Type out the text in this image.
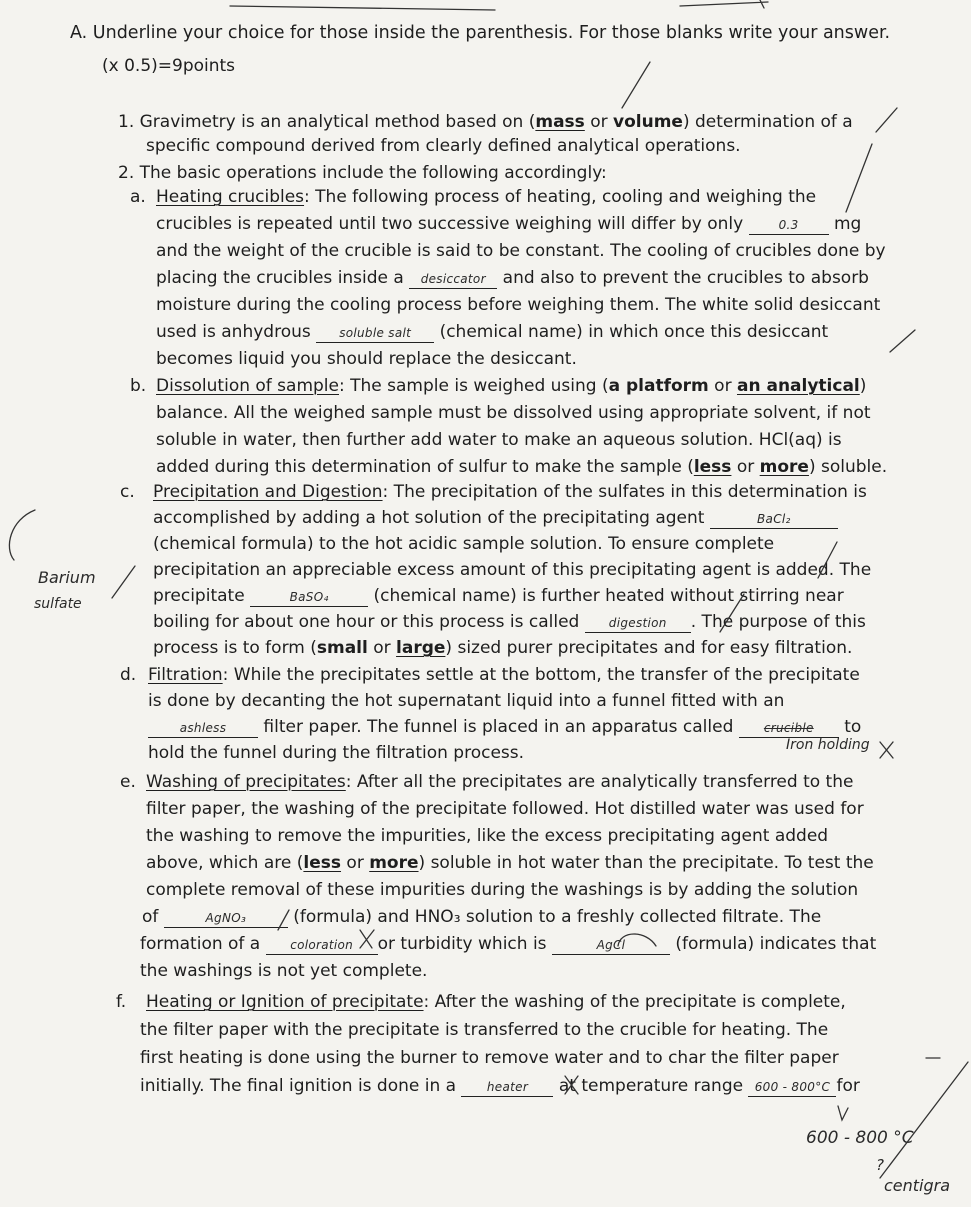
A. Underline your choice for those inside the parenthesis. For those blanks write your answer.
(x 0.5)=9points
1. Gravimetry is an analytical method based on (mass or volume) determination of a
specific compound derived from clearly defined analytical operations.
2. The basic operations include the following accordingly:
a. Heating crucibles: The following process of heating, cooling and weighing the
crucibles is repeated until two successive weighing will differ by only	0.3 mg
and the weight of the crucible is said to be constant. The cooling of crucibles done by
placing the crucibles inside a desiccator and also to prevent the crucibles to absorb
moisture during the cooling process before weighing them. The white solid desiccant
used is anhydrous soluble salt (chemical name) in which once this desiccant
becomes liquid you should replace the desiccant.
b. Dissolution of sample: The sample is weighed using (a platform or an analytical)
balance. All the weighed sample must be dissolved using appropriate solvent, if not
soluble in water, then further add water to make an aqueous solution. HCl(aq) is
added during this determination of sulfur to make the sample (less or more) soluble.
c. Precipitation and Digestion: The precipitation of the sulfates in this determination is
accomplished by adding a hot solution of the precipitating agent	BaCl₂
(chemical formula) to the hot acidic sample solution. To ensure complete
precipitation an appreciable excess amount of this precipitating agent is added. The
precipitate	BaSO₄	(chemical name) is further heated without stirring near
boiling for about one hour or this process is called digestion . The purpose of this
process is to form (small or large) sized purer precipitates and for easy filtration.
d. Filtration: While the precipitates settle at the bottom, the transfer of the precipitate
is done by decanting the hot supernatant liquid into a funnel fitted with an
ashless filter paper. The funnel is placed in an apparatus called	crucible to
hold the funnel during the filtration process.
e. Washing of precipitates: After all the precipitates are analytically transferred to the
filter paper, the washing of the precipitate followed. Hot distilled water was used for
the washing to remove the impurities, like the excess precipitating agent added
above, which are (less or more) soluble in hot water than the precipitate. To test the
complete removal of these impurities during the washings is by adding the solution
of	AgNO₃	(formula) and HNO₃ solution to a freshly collected filtrate. The
formation of a coloration or turbidity which is	AgCl	(formula) indicates that
the washings is not yet complete.
f. Heating or Ignition of precipitate: After the washing of the precipitate is complete,
the filter paper with the precipitate is transferred to the crucible for heating. The
first heating is done using the burner to remove water and to char the filter paper
initially. The final ignition is done in a	heater at temperature range 600 - 800°C for
Barium
sulfate
Iron holding
600 - 800 °C
?
centigra
